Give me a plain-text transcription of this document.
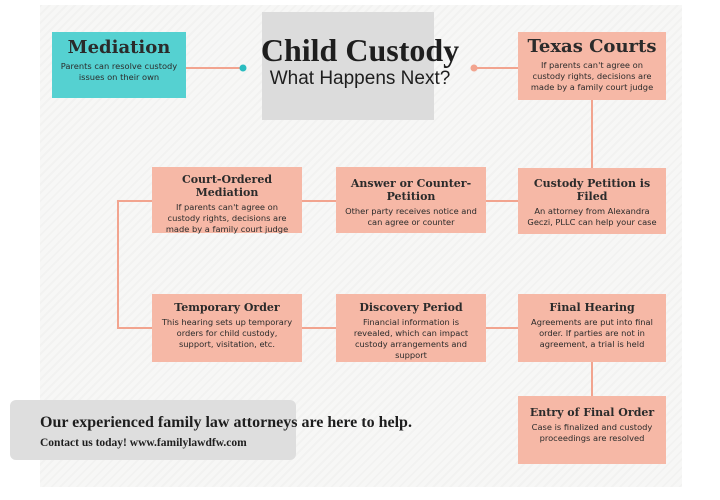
Child Custody
What Happens Next?
Mediation
Parents can resolve custody issues on their own
Texas Courts
If parents can't agree on custody rights, decisions are made by a family court judge
Court-Ordered Mediation
If parents can't agree on custody rights, decisions are made by a family court judge
Answer or Counter-Petition
Other party receives notice and can agree or counter
Custody Petition is Filed
An attorney from Alexandra Geczi, PLLC can help your case
Temporary Order
This hearing sets up temporary orders for child custody, support, visitation, etc.
Discovery Period
Financial information is revealed, which can impact custody arrangements and support
Final Hearing
Agreements are put into final order. If parties are not in agreement, a trial is held
Entry of Final Order
Case is finalized and custody proceedings are resolved
Our experienced family law attorneys are here to help.
Contact us today! www.familylawdfw.com
